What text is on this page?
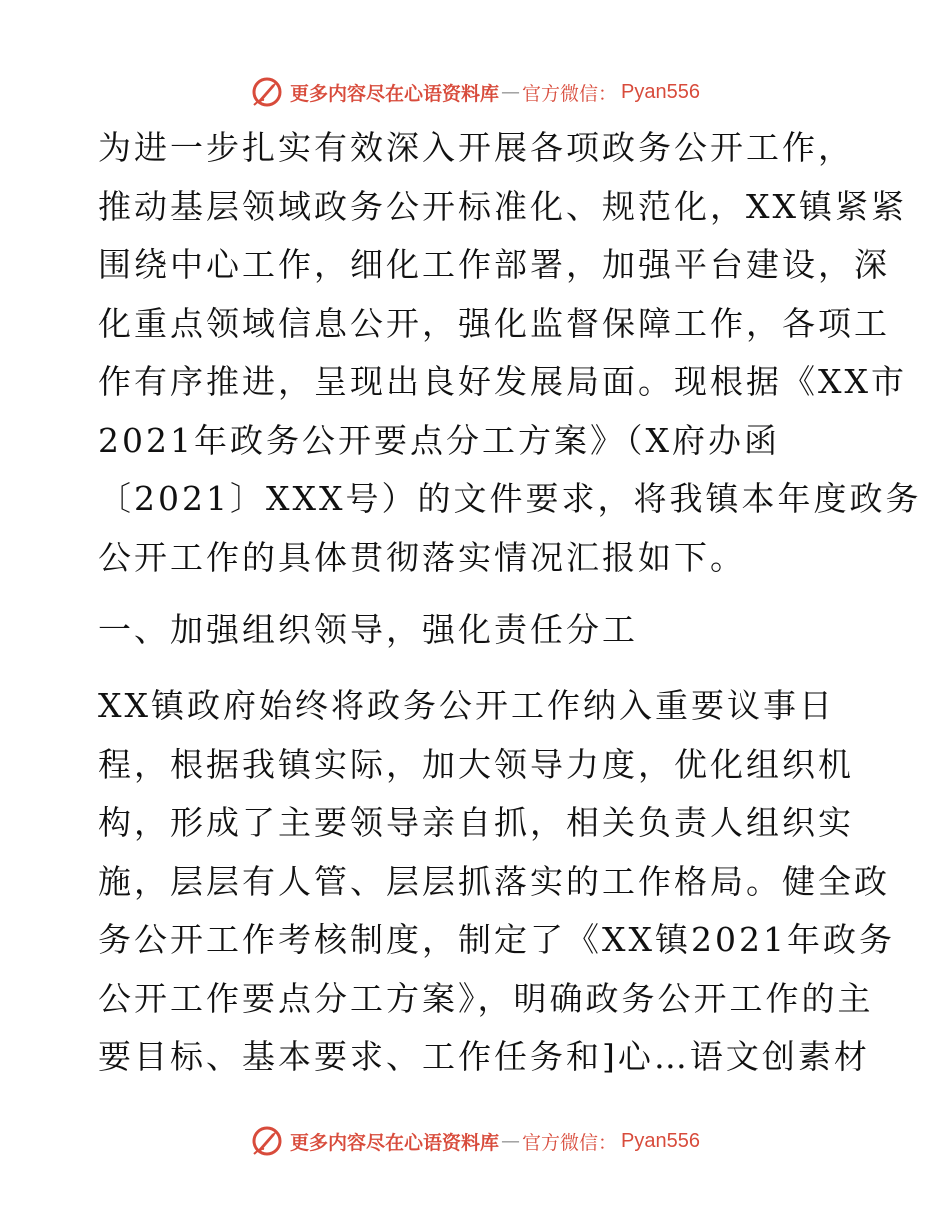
更多内容尽在心语资料库 — 官方微信： Pyan556
为进一步扎实有效深入开展各项政务公开工作，
推动基层领域政务公开标准化、规范化，XX镇紧紧
围绕中心工作，细化工作部署，加强平台建设，深
化重点领域信息公开，强化监督保障工作，各项工
作有序推进，呈现出良好发展局面。现根据《XX市
2021年政务公开要点分工方案》（X府办函
〔2021〕XXX号）的文件要求，将我镇本年度政务
公开工作的具体贯彻落实情况汇报如下。
一、加强组织领导，强化责任分工
XX镇政府始终将政务公开工作纳入重要议事日
程，根据我镇实际，加大领导力度，优化组织机
构，形成了主要领导亲自抓，相关负责人组织实
施，层层有人管、层层抓落实的工作格局。健全政
务公开工作考核制度，制定了《XX镇2021年政务
公开工作要点分工方案》，明确政务公开工作的主
要目标、基本要求、工作任务和]心…语文创素材
更多内容尽在心语资料库 — 官方微信： Pyan556
